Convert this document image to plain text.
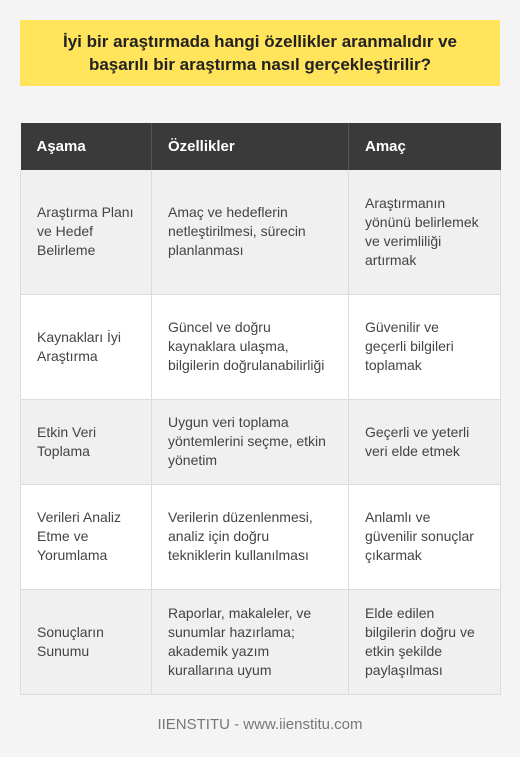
İyi bir araştırmada hangi özellikler aranmalıdır ve başarılı bir araştırma nasıl gerçekleştirilir?
Aşama	Özellikler	Amaç
Araştırma Planı ve Hedef Belirleme	Amaç ve hedeflerin netleştirilmesi, sürecin planlanması	Araştırmanın yönünü belirlemek ve verimliliği artırmak
Kaynakları İyi Araştırma	Güncel ve doğru kaynaklara ulaşma, bilgilerin doğrulanabilirliği	Güvenilir ve geçerli bilgileri toplamak
Etkin Veri Toplama	Uygun veri toplama yöntemlerini seçme, etkin yönetim	Geçerli ve yeterli veri elde etmek
Verileri Analiz Etme ve Yorumlama	Verilerin düzenlenmesi, analiz için doğru tekniklerin kullanılması	Anlamlı ve güvenilir sonuçlar çıkarmak
Sonuçların Sunumu	Raporlar, makaleler, ve sunumlar hazırlama; akademik yazım kurallarına uyum	Elde edilen bilgilerin doğru ve etkin şekilde paylaşılması
IIENSTITU - www.iienstitu.com
